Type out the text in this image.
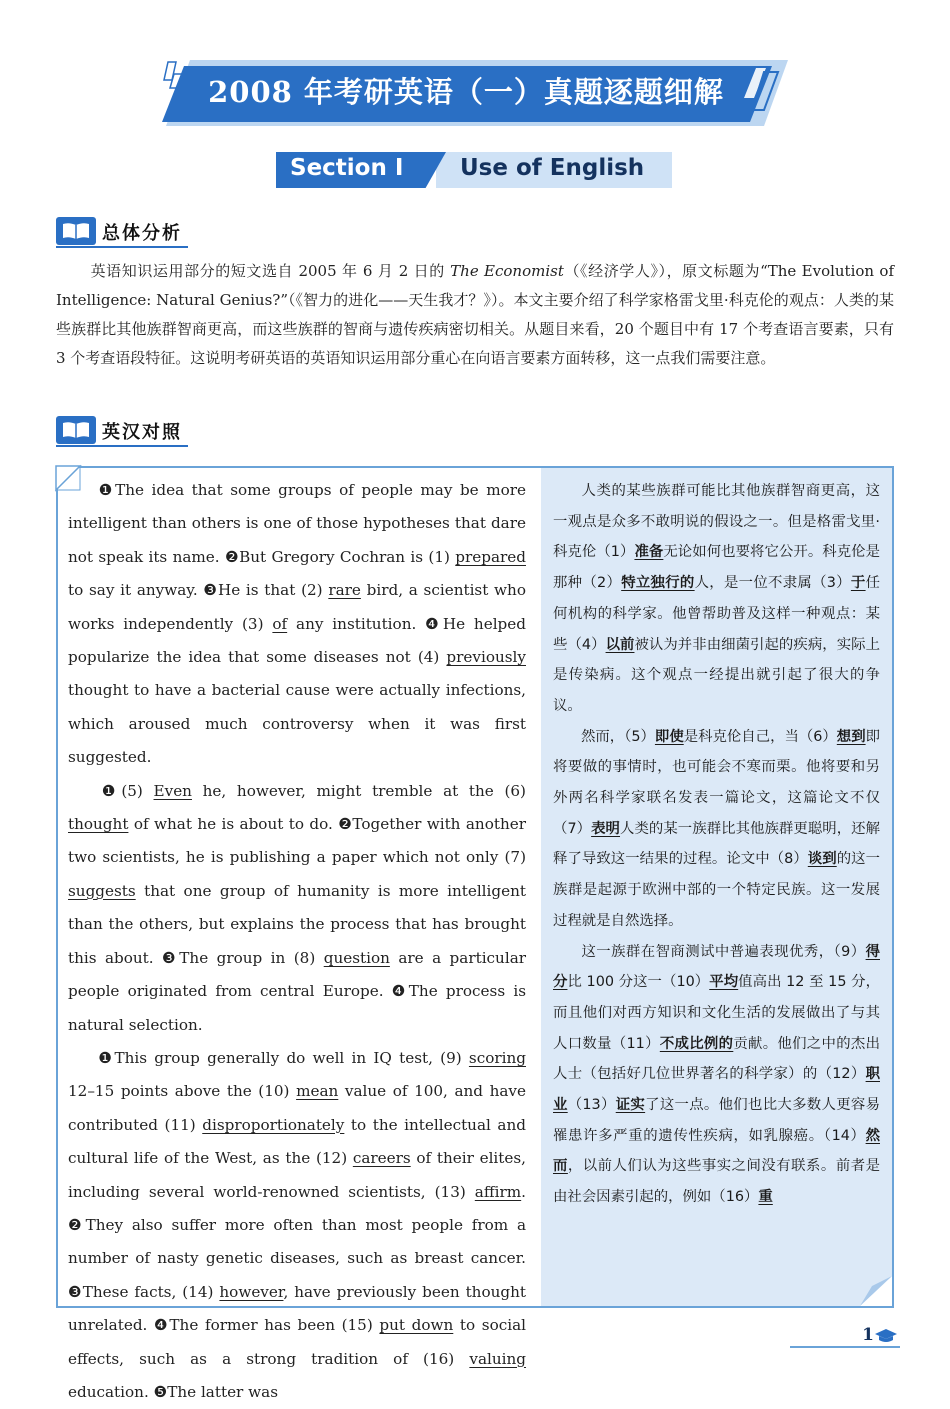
2008 年考研英语（一）真题逐题细解
Section Ⅰ Use of English
总体分析
英语知识运用部分的短文选自 2005 年 6 月 2 日的 The Economist（《经济学人》），原文标题为“The Evolution of Intelligence: Natural Genius?”（《智力的进化——天生我才？》）。本文主要介绍了科学家格雷戈里·科克伦的观点：人类的某些族群比其他族群智商更高，而这些族群的智商与遗传疾病密切相关。从题目来看，20 个题目中有 17 个考查语言要素，只有 3 个考查语段特征。这说明考研英语的英语知识运用部分重心在向语言要素方面转移，这一点我们需要注意。
英汉对照

❶The idea that some groups of people may be more intelligent than others is one of those hypotheses that dare not speak its name. ❷But Gregory Cochran is (1) prepared to say it anyway. ❸He is that (2) rare bird, a scientist who works independently (3) of any institution. ❹He helped popularize the idea that some diseases not (4) previously thought to have a bacterial cause were actually infections, which aroused much controversy when it was first suggested.

❶(5) Even he, however, might tremble at the (6) thought of what he is about to do. ❷Together with another two scientists, he is publishing a paper which not only (7) suggests that one group of humanity is more intelligent than the others, but explains the process that has brought this about. ❸The group in (8) question are a particular people originated from central Europe. ❹The process is natural selection.

❶This group generally do well in IQ test, (9) scoring 12–15 points above the (10) mean value of 100, and have contributed (11) disproportionately to the intellectual and cultural life of the West, as the (12) careers of their elites, including several world-renowned scientists, (13) affirm. ❷They also suffer more often than most people from a number of nasty genetic diseases, such as breast cancer. ❸These facts, (14) however, have previously been thought unrelated. ❹The former has been (15) put down to social effects, such as a strong tradition of (16) valuing education. ❺The latter was

人类的某些族群可能比其他族群智商更高，这一观点是众多不敢明说的假设之一。但是格雷戈里·科克伦（1）准备无论如何也要将它公开。科克伦是那种（2）特立独行的人，是一位不隶属（3）于任何机构的科学家。他曾帮助普及这样一种观点：某些（4）以前被认为并非由细菌引起的疾病，实际上是传染病。这个观点一经提出就引起了很大的争议。

然而，（5）即使是科克伦自己，当（6）想到即将要做的事情时，也可能会不寒而栗。他将要和另外两名科学家联名发表一篇论文，这篇论文不仅（7）表明人类的某一族群比其他族群更聪明，还解释了导致这一结果的过程。论文中（8）谈到的这一族群是起源于欧洲中部的一个特定民族。这一发展过程就是自然选择。

这一族群在智商测试中普遍表现优秀，（9）得分比 100 分这一（10）平均值高出 12 至 15 分，而且他们对西方知识和文化生活的发展做出了与其人口数量（11）不成比例的贡献。他们之中的杰出人士（包括好几位世界著名的科学家）的（12）职业（13）证实了这一点。他们也比大多数人更容易罹患许多严重的遗传性疾病，如乳腺癌。（14）然而，以前人们认为这些事实之间没有联系。前者是由社会因素引起的，例如（16）重

1
